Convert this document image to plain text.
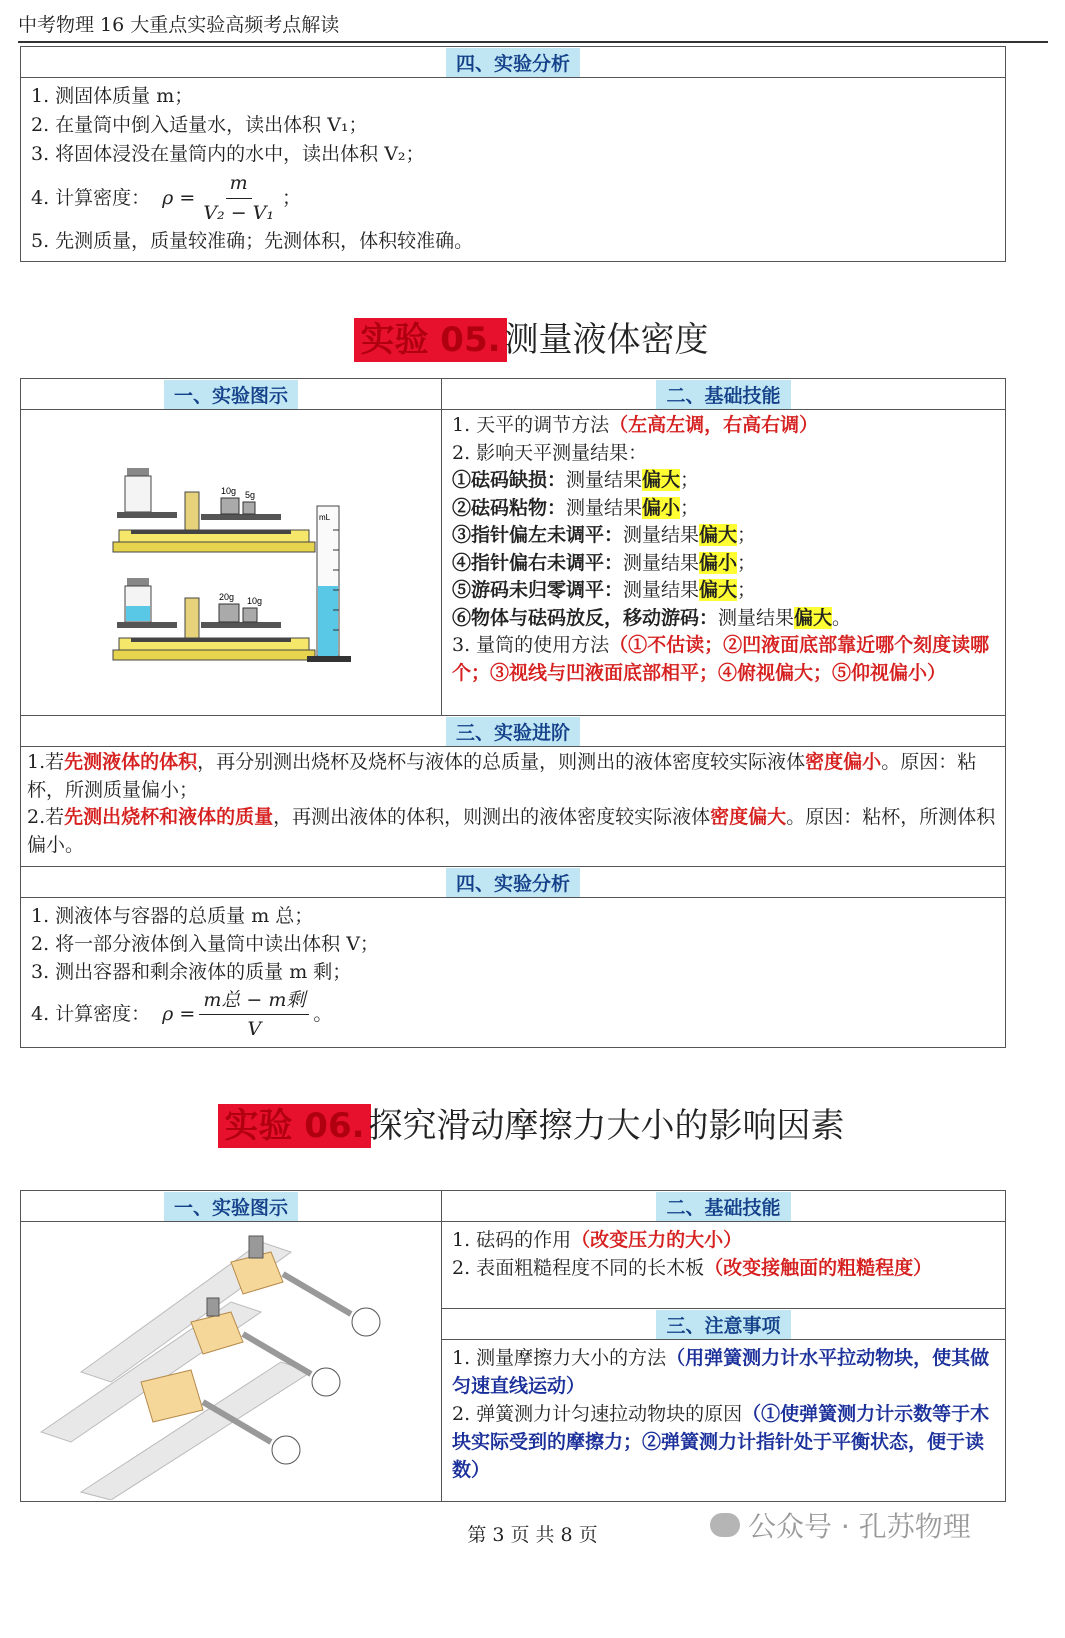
中考物理 16 大重点实验高频考点解读
四、实验分析
1. 测固体质量 m；
2. 在量筒中倒入适量水，读出体积 V₁；
3. 将固体浸没在量筒内的水中，读出体积 V₂；
4. 计算密度： $\rho = \frac{m}{\text{V₂ − V₁}}$ ；
5. 先测质量，质量较准确；先测体积，体积较准确。
实验 05. 测量液体密度
一、实验图示
10g 5g
20g 10g
mL
二、基础技能
1. 天平的调节方法（左高左调，右高右调）
2. 影响天平测量结果：
①砝码缺损：测量结果偏大；
②砝码粘物：测量结果偏小；
③指针偏左未调平：测量结果偏大；
④指针偏右未调平：测量结果偏小；
⑤游码未归零调平：测量结果偏大；
⑥物体与砝码放反，移动游码：测量结果偏大。
3. 量筒的使用方法（①不估读；②凹液面底部靠近哪个刻度读哪个；③视线与凹液面底部相平；④俯视偏大；⑤仰视偏小）
三、实验进阶
1.若先测液体的体积，再分别测出烧杯及烧杯与液体的总质量，则测出的液体密度较实际液体密度偏小。原因：粘杯，所测质量偏小；
2.若先测出烧杯和液体的质量，再测出液体的体积，则测出的液体密度较实际液体密度偏大。原因：粘杯，所测体积偏小。
四、实验分析
1. 测液体与容器的总质量 m 总；
2. 将一部分液体倒入量筒中读出体积 V；
3. 测出容器和剩余液体的质量 m 剩；
4. 计算密度： $\rho = \frac{\text{m总 − m剩}}{V}$ 。
实验 06. 探究滑动摩擦力大小的影响因素
一、实验图示	二、基础技能
1. 砝码的作用（改变压力的大小）
2. 表面粗糙程度不同的长木板（改变接触面的粗糙程度）
三、注意事项
1. 测量摩擦力大小的方法（用弹簧测力计水平拉动物块，使其做匀速直线运动）
2. 弹簧测力计匀速拉动物块的原因（①使弹簧测力计示数等于木块实际受到的摩擦力；②弹簧测力计指针处于平衡状态，便于读数）
第 3 页 共 8 页	公众号 · 孔苏物理
